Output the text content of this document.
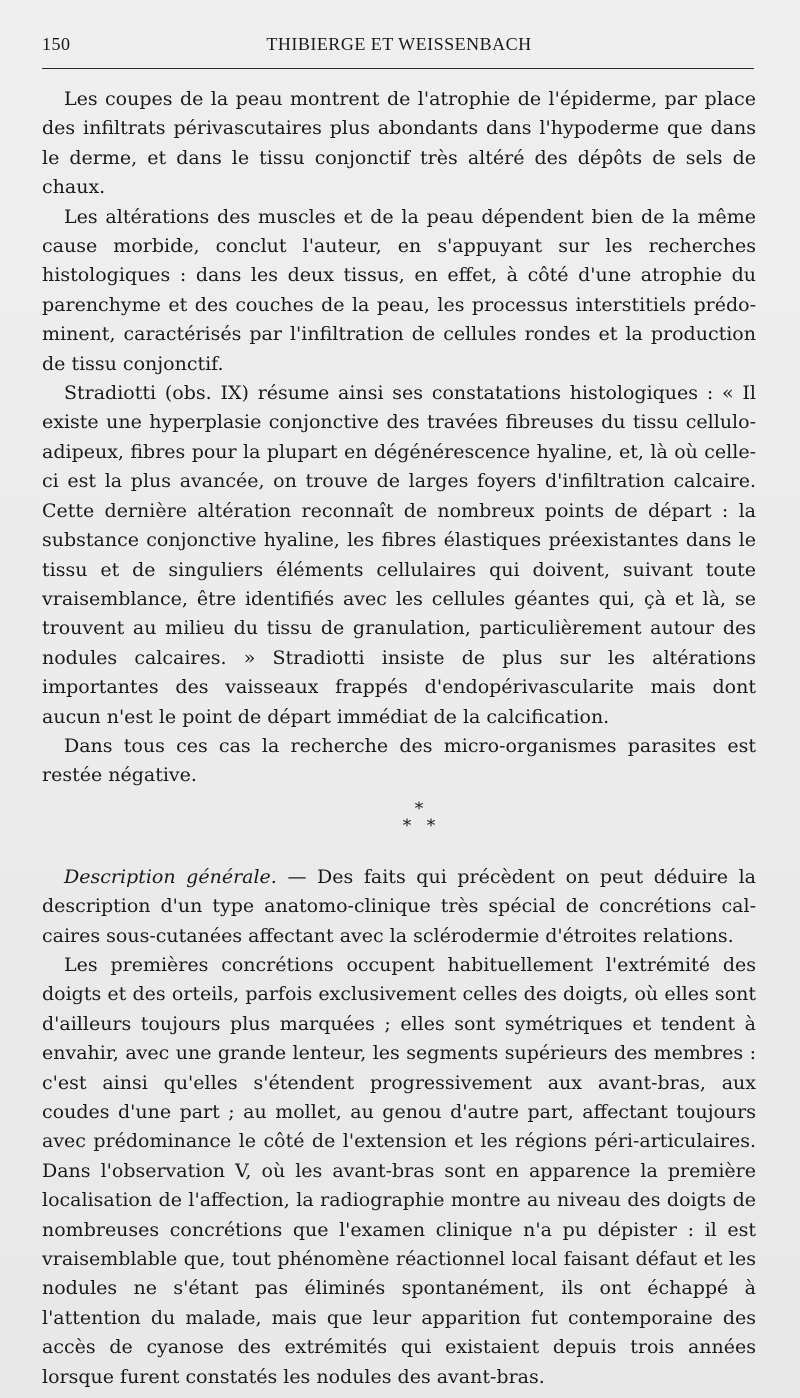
150	THIBIERGE ET WEISSENBACH

Les coupes de la peau montrent de l'atrophie de l'épiderme, par place des infiltrats périvascutaires plus abondants dans l'hypoderme que dans le derme, et dans le tissu conjonctif très altéré des dépôts de sels de chaux.

Les altérations des muscles et de la peau dépendent bien de la même cause morbide, conclut l'auteur, en s'appuyant sur les recherches histologiques : dans les deux tissus, en effet, à côté d'une atrophie du parenchyme et des couches de la peau, les processus interstitiels prédominent, caractérisés par l'infiltration de cellules rondes et la production de tissu conjonctif.

Stradiotti (obs. IX) résume ainsi ses constatations histologiques : « Il existe une hyperplasie conjonctive des travées fibreuses du tissu cellulo-adipeux, fibres pour la plupart en dégénérescence hyaline, et, là où celle-ci est la plus avancée, on trouve de larges foyers d'infiltration calcaire. Cette dernière altération reconnaît de nombreux points de départ : la substance conjonctive hyaline, les fibres élastiques préexistantes dans le tissu et de singuliers éléments cellulaires qui doivent, suivant toute vraisemblance, être identifiés avec les cellules géantes qui, çà et là, se trouvent au milieu du tissu de granulation, particulièrement autour des nodules calcaires. » Stradiotti insiste de plus sur les altérations importantes des vaisseaux frappés d'endopérivascularite mais dont aucun n'est le point de départ immédiat de la calcification.

Dans tous ces cas la recherche des micro-organismes parasites est restée négative.

*
* *

Description générale. — Des faits qui précèdent on peut déduire la description d'un type anatomo-clinique très spécial de concrétions calcaires sous-cutanées affectant avec la sclérodermie d'étroites relations.

Les premières concrétions occupent habituellement l'extrémité des doigts et des orteils, parfois exclusivement celles des doigts, où elles sont d'ailleurs toujours plus marquées ; elles sont symétriques et tendent à envahir, avec une grande lenteur, les segments supérieurs des membres : c'est ainsi qu'elles s'étendent progressivement aux avant-bras, aux coudes d'une part ; au mollet, au genou d'autre part, affectant toujours avec prédominance le côté de l'extension et les régions péri-articulaires. Dans l'observation V, où les avant-bras sont en apparence la première localisation de l'affection, la radiographie montre au niveau des doigts de nombreuses concrétions que l'examen clinique n'a pu dépister : il est vraisemblable que, tout phénomène réactionnel local faisant défaut et les nodules ne s'étant pas éliminés spontanément, ils ont échappé à l'attention du malade, mais que leur apparition fut contemporaine des accès de cyanose des extrémités qui existaient depuis trois années lorsque furent constatés les nodules des avant-bras.
